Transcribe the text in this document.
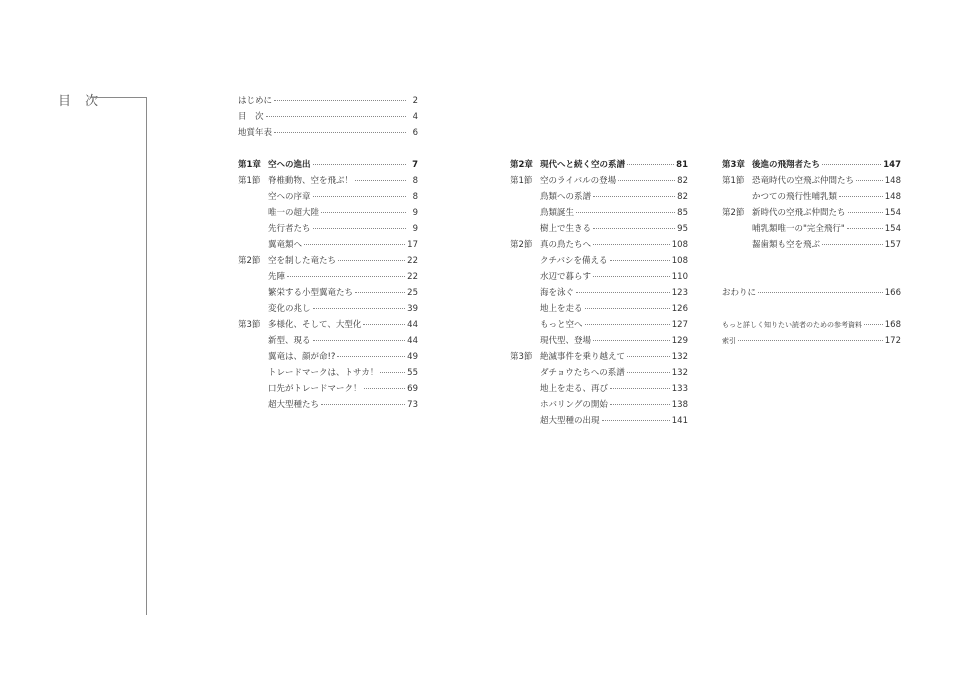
目 次	はじめに	2
目　次	4
地質年表	6
第1章 空への進出	7
第1節 脊椎動物、空を飛ぶ！	8
空への序章	8
唯一の超大陸	9
先行者たち	9
翼竜類へ	17
第2節 空を制した竜たち	22
先陣	22
繁栄する小型翼竜たち	25
変化の兆し	39
第3節 多様化、そして、大型化	44
新型、現る	44
翼竜は、顔が命!?	49
トレードマークは、トサカ！	55
口先がトレードマーク！	69
超大型種たち	73
第2章 現代へと続く空の系譜	81
第1節 空のライバルの登場	82
鳥類への系譜	82
鳥類誕生	85
樹上で生きる	95
第2節 真の鳥たちへ	108
クチバシを備える	108
水辺で暮らす	110
海を泳ぐ	123
地上を走る	126
もっと空へ	127
現代型、登場	129
第3節 絶滅事件を乗り越えて	132
ダチョウたちへの系譜	132
地上を走る、再び	133
ホバリングの開始	138
超大型種の出現	141
第3章 後進の飛翔者たち	147
第1節 恐竜時代の空飛ぶ仲間たち	148
かつての飛行性哺乳類	148
第2節 新時代の空飛ぶ仲間たち	154
哺乳類唯一の"完全飛行"	154
齧歯類も空を飛ぶ	157
おわりに	166
もっと詳しく知りたい読者のための参考資料	168
索引	172
